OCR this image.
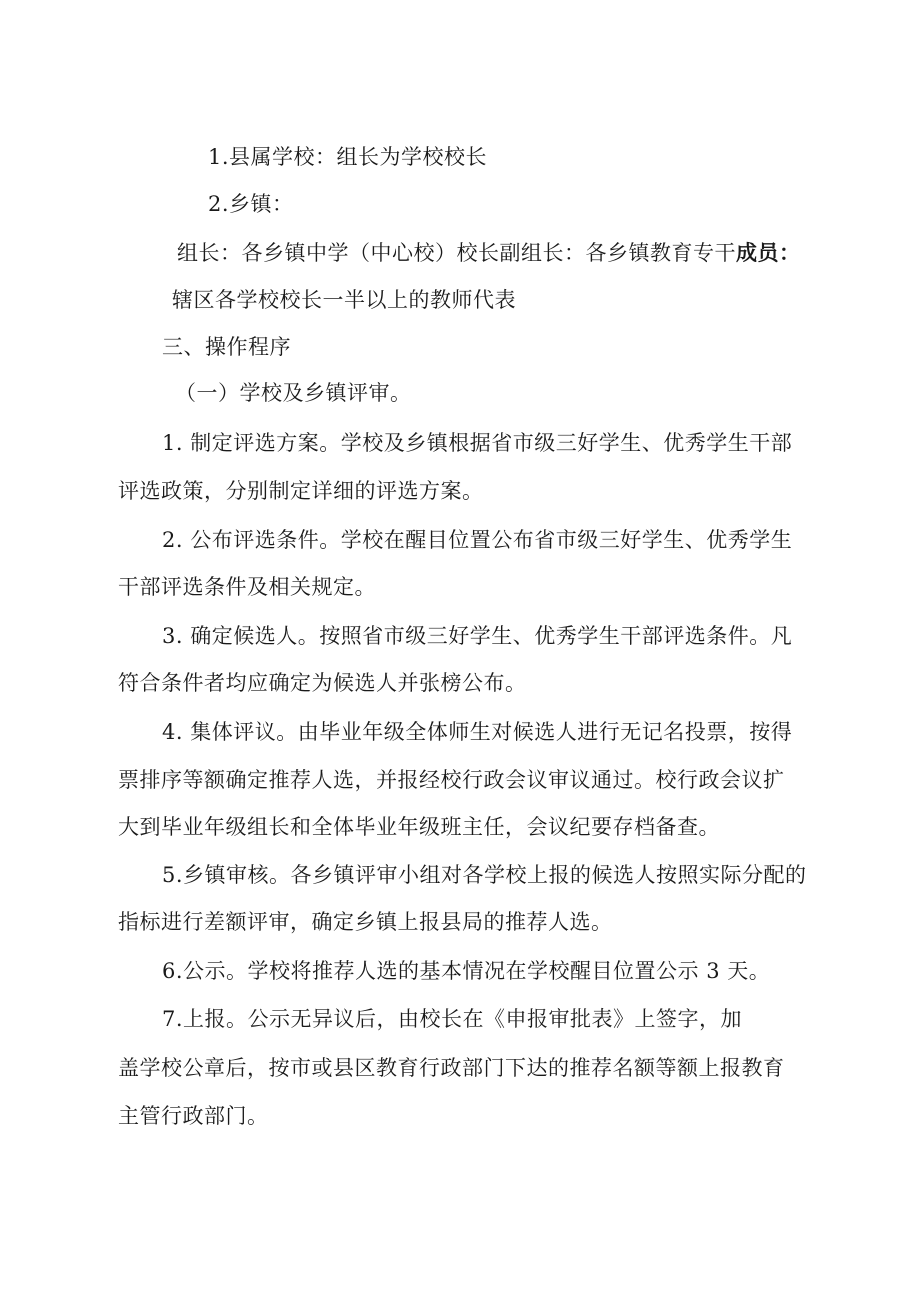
1.县属学校：组长为学校校长
2.乡镇：
组长：各乡镇中学（中心校）校长副组长：各乡镇教育专干成员：
辖区各学校校长一半以上的教师代表
三、操作程序
（一）学校及乡镇评审。
1. 制定评选方案。学校及乡镇根据省市级三好学生、优秀学生干部
评选政策，分别制定详细的评选方案。
2. 公布评选条件。学校在醒目位置公布省市级三好学生、优秀学生
干部评选条件及相关规定。
3. 确定候选人。按照省市级三好学生、优秀学生干部评选条件。凡
符合条件者均应确定为候选人并张榜公布。
4. 集体评议。由毕业年级全体师生对候选人进行无记名投票，按得
票排序等额确定推荐人选，并报经校行政会议审议通过。校行政会议扩
大到毕业年级组长和全体毕业年级班主任，会议纪要存档备查。
5.乡镇审核。各乡镇评审小组对各学校上报的候选人按照实际分配的
指标进行差额评审，确定乡镇上报县局的推荐人选。
6.公示。学校将推荐人选的基本情况在学校醒目位置公示 3 天。
7.上报。公示无异议后，由校长在《申报审批表》上签字，加
盖学校公章后，按市或县区教育行政部门下达的推荐名额等额上报教育
主管行政部门。
